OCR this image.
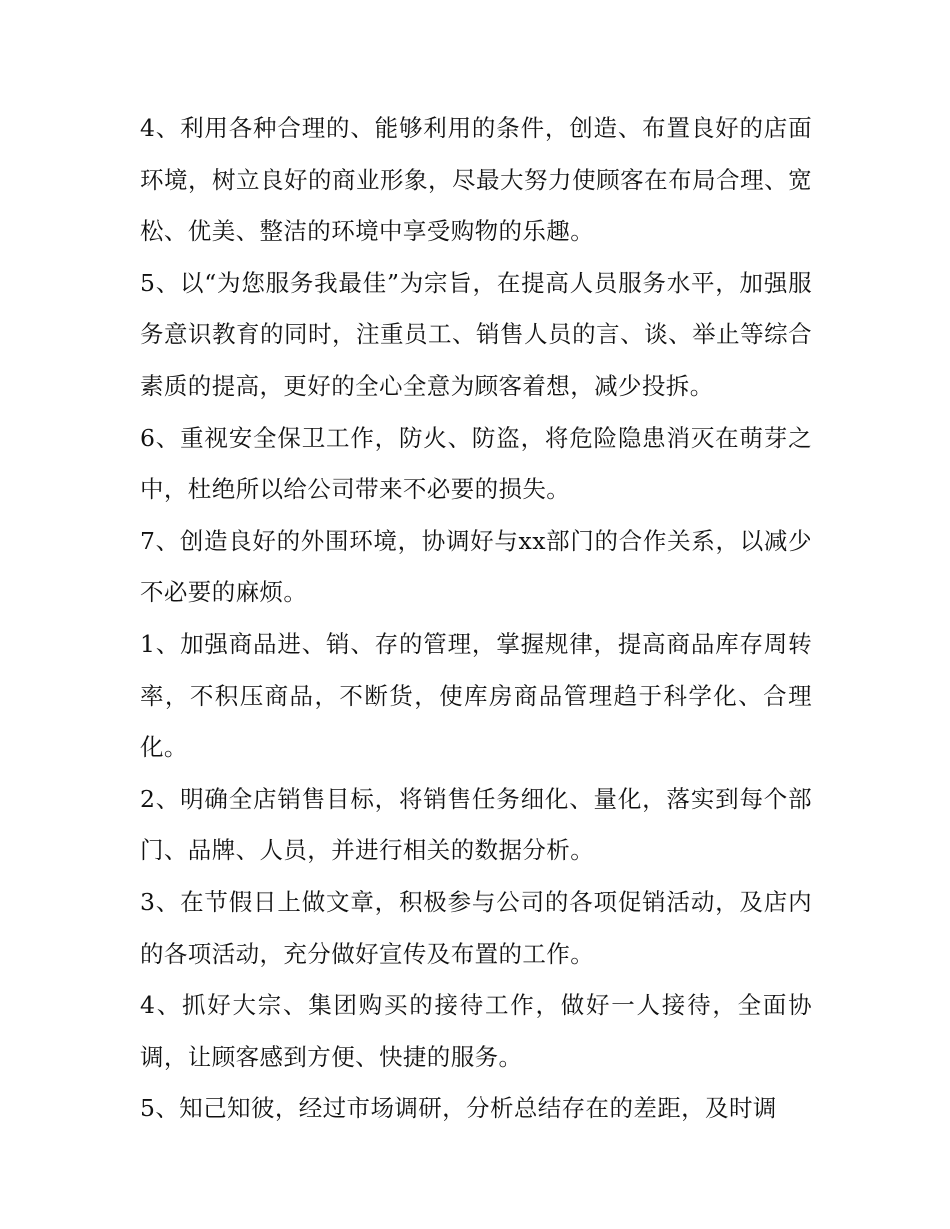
4、利用各种合理的、能够利用的条件，创造、布置良好的店面环境，树立良好的商业形象，尽最大努力使顾客在布局合理、宽松、优美、整洁的环境中享受购物的乐趣。

5、以“为您服务我最佳”为宗旨，在提高人员服务水平，加强服务意识教育的同时，注重员工、销售人员的言、谈、举止等综合素质的提高，更好的全心全意为顾客着想，减少投拆。

6、重视安全保卫工作，防火、防盗，将危险隐患消灭在萌芽之中，杜绝所以给公司带来不必要的损失。

7、创造良好的外围环境，协调好与xx部门的合作关系，以减少不必要的麻烦。

1、加强商品进、销、存的管理，掌握规律，提高商品库存周转率，不积压商品，不断货，使库房商品管理趋于科学化、合理化。

2、明确全店销售目标，将销售任务细化、量化，落实到每个部门、品牌、人员，并进行相关的数据分析。

3、在节假日上做文章，积极参与公司的各项促销活动，及店内的各项活动，充分做好宣传及布置的工作。

4、抓好大宗、集团购买的接待工作，做好一人接待，全面协调，让顾客感到方便、快捷的服务。

5、知己知彼，经过市场调研，分析总结存在的差距，及时调
